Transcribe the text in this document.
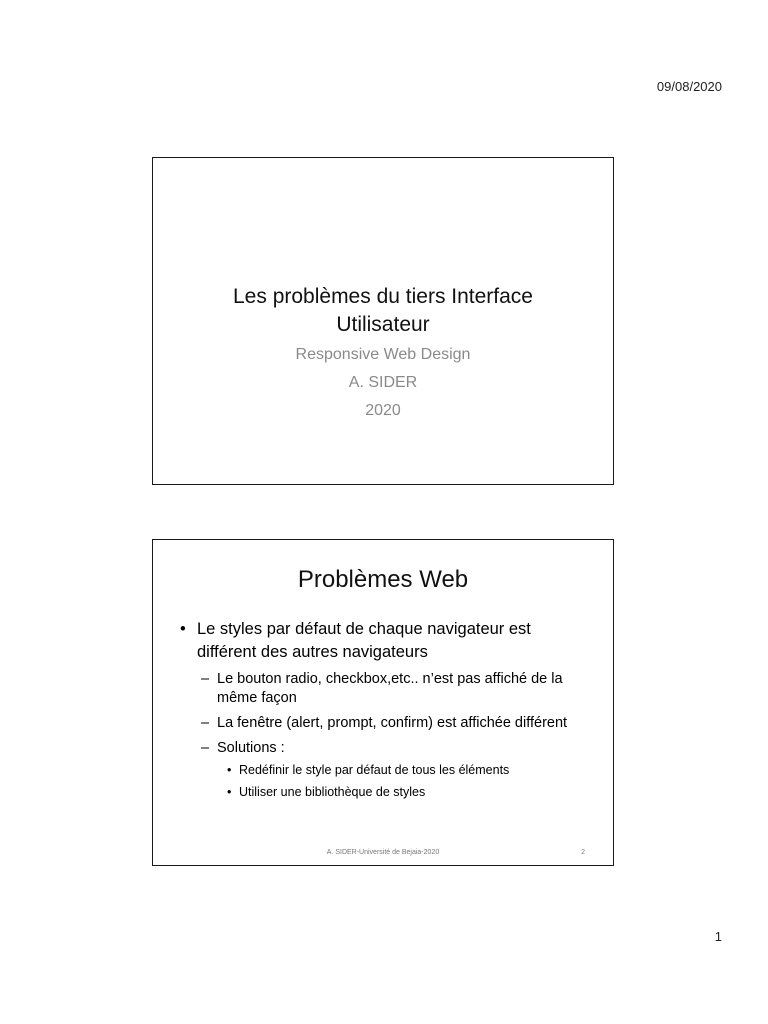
09/08/2020
Les problèmes du tiers Interface
Utilisateur
Responsive Web Design
A. SIDER
2020
Problèmes Web
• Le styles par défaut de chaque navigateur est différent des autres navigateurs
– Le bouton radio, checkbox,etc.. n’est pas affiché de la même façon
– La fenêtre (alert, prompt, confirm) est affichée différent
– Solutions :
• Redéfinir le style par défaut de tous les éléments
• Utiliser une bibliothèque de styles
A. SIDER-Université de Bejaia-2020	2
1
